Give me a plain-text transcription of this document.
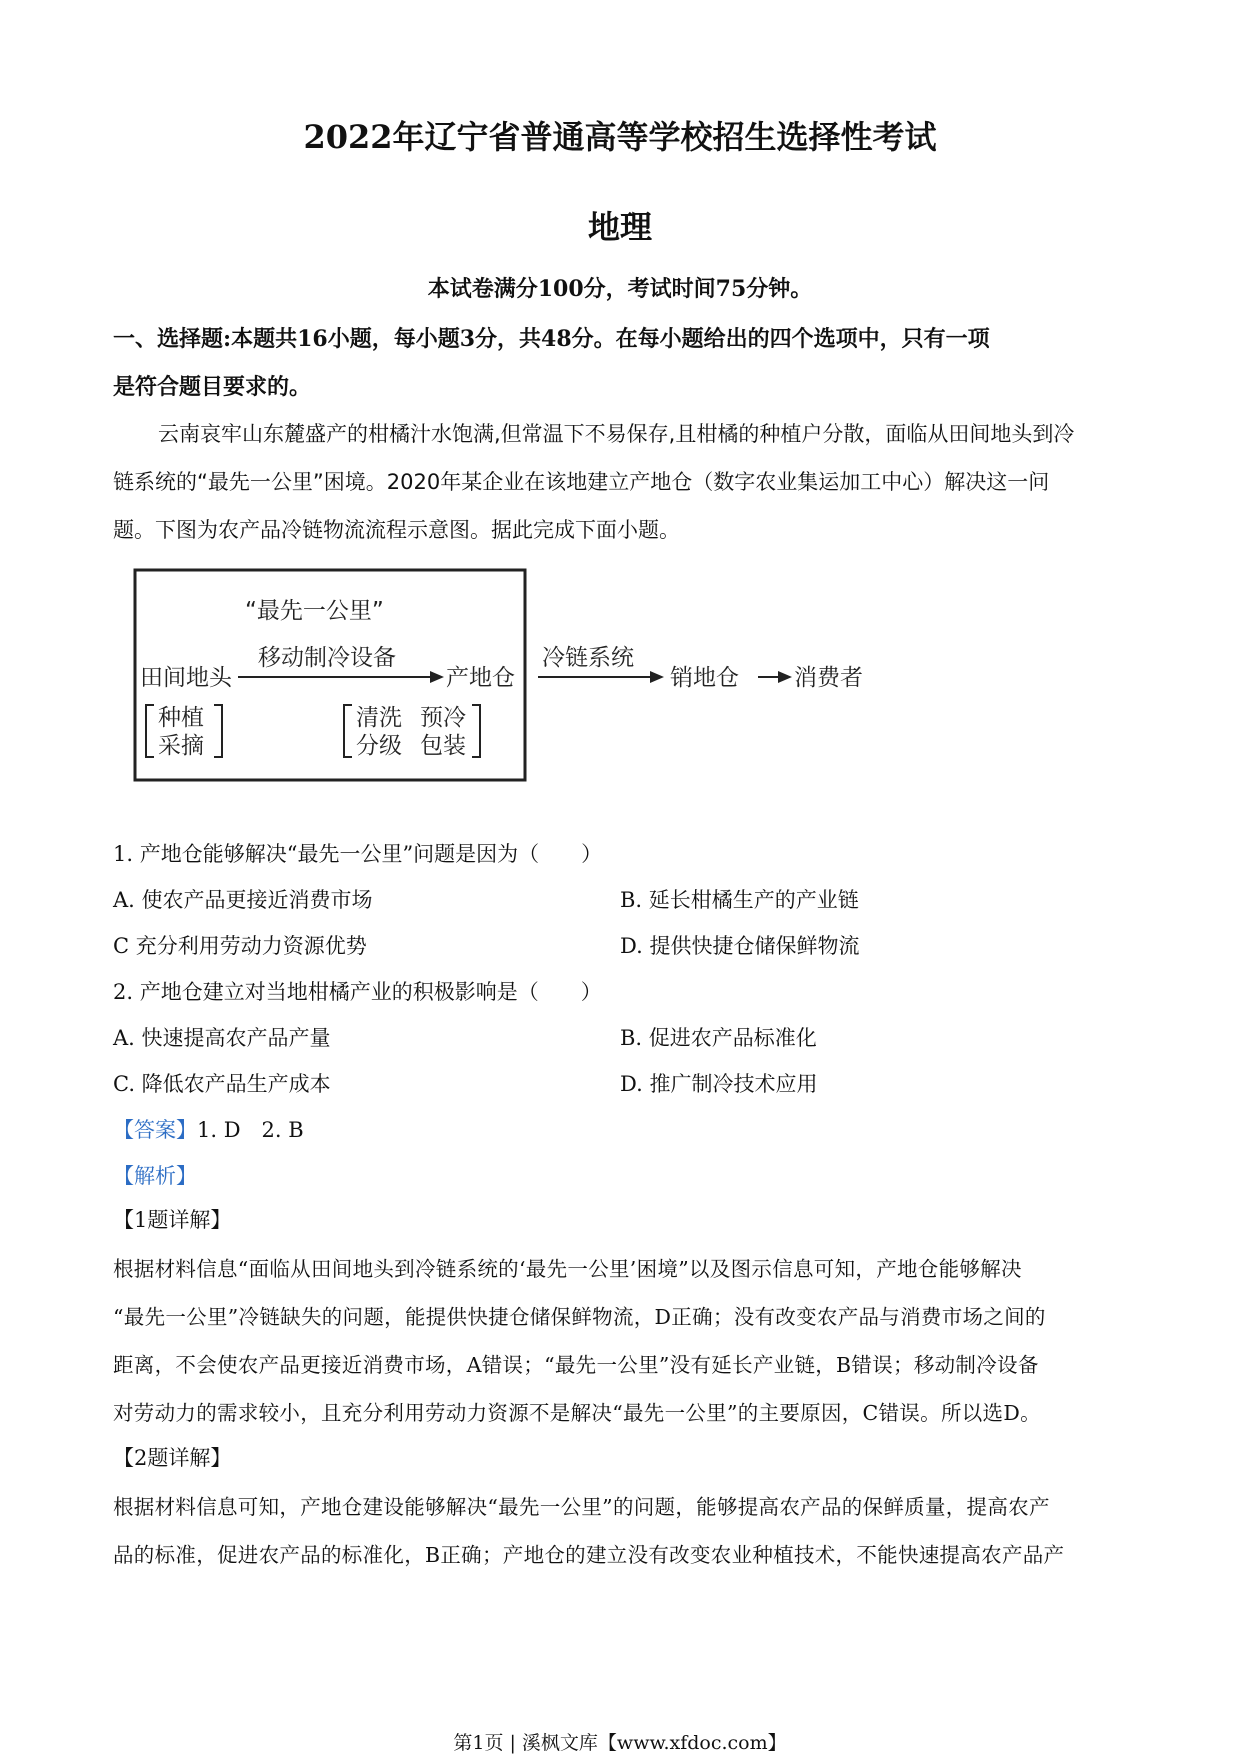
2022年辽宁省普通高等学校招生选择性考试
地理
本试卷满分100分，考试时间75分钟。
一、选择题:本题共16小题，每小题3分，共48分。在每小题给出的四个选项中，只有一项
是符合题目要求的。
云南哀牢山东麓盛产的柑橘汁水饱满,但常温下不易保存,且柑橘的种植户分散，面临从田间地头到冷
链系统的“最先一公里”困境。2020年某企业在该地建立产地仓（数字农业集运加工中心）解决这一问
题。下图为农产品冷链物流流程示意图。据此完成下面小题。
“最先一公里”
田间地头
移动制冷设备
产地仓
冷链系统
销地仓 消费者
种植
采摘
清洗 预冷
分级 包装
1. 产地仓能够解决“最先一公里”问题是因为（　　）
A. 使农产品更接近消费市场	B. 延长柑橘生产的产业链
C 充分利用劳动力资源优势	D. 提供快捷仓储保鲜物流
2. 产地仓建立对当地柑橘产业的积极影响是（　　）
A. 快速提高农产品产量	B. 促进农产品标准化
C. 降低农产品生产成本	D. 推广制冷技术应用
【答案】1. D　2. B
【解析】
【1题详解】
根据材料信息“面临从田间地头到冷链系统的‘最先一公里’困境”以及图示信息可知，产地仓能够解决
“最先一公里”冷链缺失的问题，能提供快捷仓储保鲜物流，D正确；没有改变农产品与消费市场之间的
距离，不会使农产品更接近消费市场，A错误；“最先一公里”没有延长产业链，B错误；移动制冷设备
对劳动力的需求较小，且充分利用劳动力资源不是解决“最先一公里”的主要原因，C错误。所以选D。
【2题详解】
根据材料信息可知，产地仓建设能够解决“最先一公里”的问题，能够提高农产品的保鲜质量，提高农产
品的标准，促进农产品的标准化，B正确；产地仓的建立没有改变农业种植技术，不能快速提高农产品产
第1页 | 溪枫文库【www.xfdoc.com】
